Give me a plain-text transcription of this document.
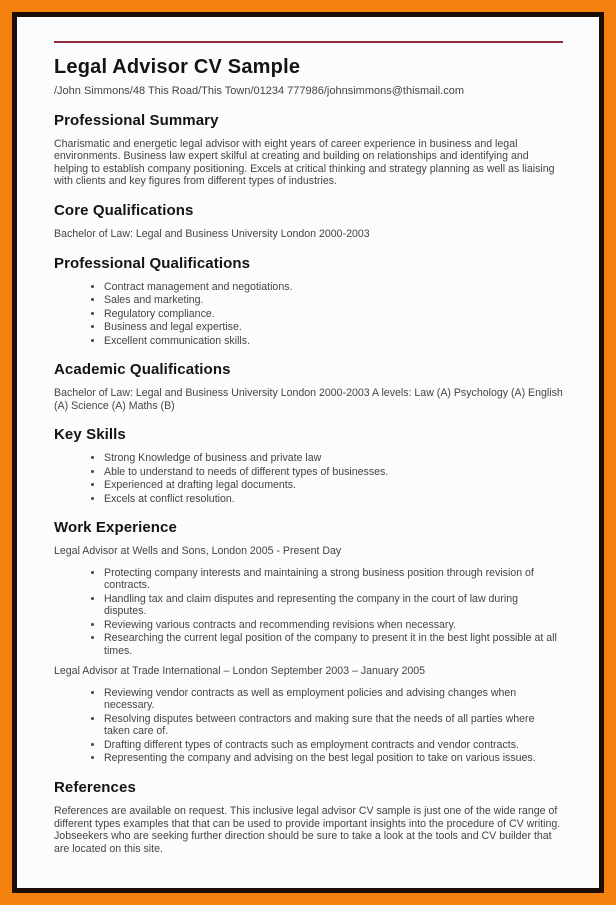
Legal Advisor CV Sample

/John Simmons/48 This Road/This Town/01234 777986/johnsimmons@thismail.com

Professional Summary

Charismatic and energetic legal advisor with eight years of career experience in business and legal environments. Business law expert skilful at creating and building on relationships and identifying and helping to establish company positioning. Excels at critical thinking and strategy planning as well as liaising with clients and key figures from different types of industries.

Core Qualifications

Bachelor of Law: Legal and Business University London 2000-2003

Professional Qualifications
• Contract management and negotiations.
• Sales and marketing.
• Regulatory compliance.
• Business and legal expertise.
• Excellent communication skills.
Academic Qualifications

Bachelor of Law: Legal and Business University London 2000-2003 A levels: Law (A) Psychology (A) English (A) Science (A) Maths (B)

Key Skills
• Strong Knowledge of business and private law
• Able to understand to needs of different types of businesses.
• Experienced at drafting legal documents.
• Excels at conflict resolution.
Work Experience

Legal Advisor at Wells and Sons, London 2005 - Present Day

• Protecting company interests and maintaining a strong business position through revision of contracts.
• Handling tax and claim disputes and representing the company in the court of law during disputes.
• Reviewing various contracts and recommending revisions when necessary.
• Researching the current legal position of the company to present it in the best light possible at all times.

Legal Advisor at Trade International – London September 2003 – January 2005

• Reviewing vendor contracts as well as employment policies and advising changes when necessary.
• Resolving disputes between contractors and making sure that the needs of all parties where taken care of.
• Drafting different types of contracts such as employment contracts and vendor contracts.
• Representing the company and advising on the best legal position to take on various issues.
References

References are available on request. This inclusive legal advisor CV sample is just one of the wide range of different types examples that that can be used to provide important insights into the procedure of CV writing. Jobseekers who are seeking further direction should be sure to take a look at the tools and CV builder that are located on this site.
